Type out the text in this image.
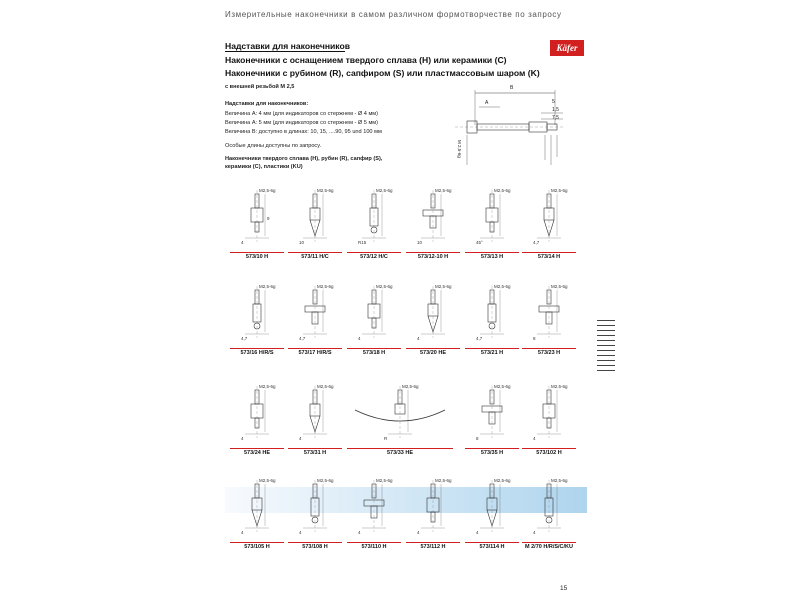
Измерительные наконечники в самом различном формотворчестве по запросу
Надставки для наконечников
Наконечники с оснащением твердого сплава (H) или керамики (C)
Наконечники с рубином (R), сапфиром (S) или пластмассовым шаром (K)
с внешней резьбой M 2,5
Käfer
Надставки для наконечников:
Величина A: 4 мм (для индикаторов со стержнем - Ø 4 мм)
Величина A: 5 мм (для индикаторов со стержнем - Ø 5 мм)
Величина B: доступно в длинах: 10, 15, ....90, 95 und 100 мм
Особые длины доступны по запросу.
Наконечники твердого сплава (H), рубин (R), сапфир (S),
керамики (C), пластики (KU)
B
A
M 2,5-6g
5
1,5
7,5
M2,5-6g
4
9
573/10 H
M2,5-6g
10
573/11 H/C
M2,5-6g
R15
573/12 H/C
M2,5-6g
10
573/12-10 H
M2,5-6g
45°
573/13 H
M2,5-6g
4,7
573/14 H
M2,5-6g
4,7
573/16 H/R/S
M2,5-6g
4,7
573/17 H/R/S
M2,5-6g
4
573/18 H
M2,5-6g
4
573/20 HE
M2,5-6g
4,7
573/21 H
M2,5-6g
8
573/23 H
M2,5-6g
4
573/24 HE
M2,5-6g
4
573/31 H
M2,5-6g
R
573/33 HE
M2,5-6g
8
573/35 H
M2,5-6g
4
573/102 H
M2,5-6g
4
573/105 H
M2,5-6g
4
573/108 H
M2,5-6g
4
573/110 H
M2,5-6g
4
573/112 H
M2,5-6g
4
573/114 H
M2,5-6g
4
M 2/70 H/R/S/C/KU
15
